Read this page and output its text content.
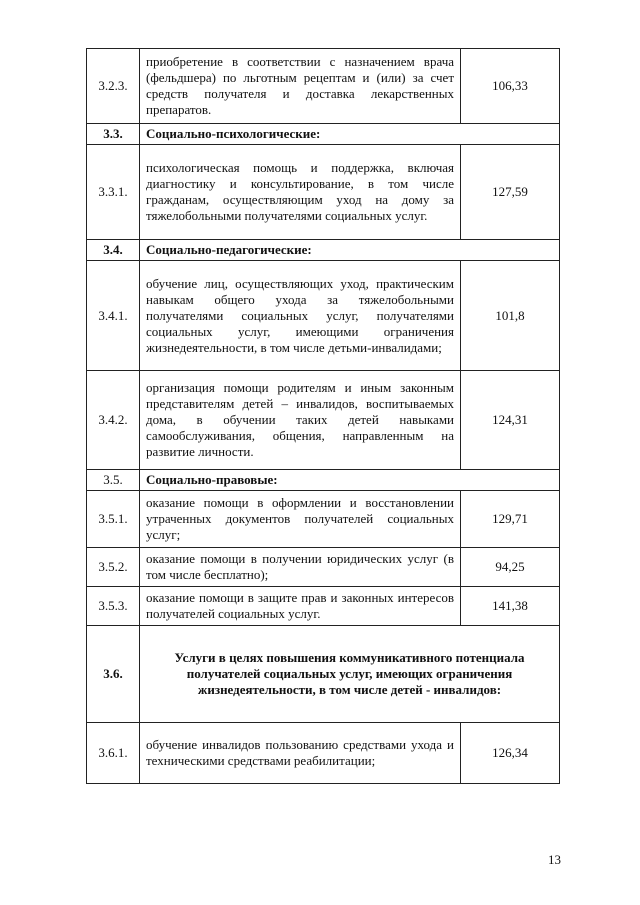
3.2.3.	приобретение в соответствии с назначением врача (фельдшера) по льготным рецептам и (или) за счет средств получателя и доставка лекарственных препаратов.	106,33
3.3.	Социально-психологические:	
3.3.1.	психологическая помощь и поддержка, включая диагностику и консультирование, в том числе гражданам, осуществляющим уход на дому за тяжелобольными получателями социальных услуг.	127,59
3.4.	Социально-педагогические:	
3.4.1.	обучение лиц, осуществляющих уход, практическим навыкам общего ухода за тяжелобольными получателями социальных услуг, получателями социальных услуг, имеющими ограничения жизнедеятельности, в том числе детьми-инвалидами;	101,8
3.4.2.	организация помощи родителям и иным законным представителям детей – инвалидов, воспитываемых дома, в обучении таких детей навыками самообслуживания, общения, направленным на развитие личности.	124,31
3.5.	Социально-правовые:	
3.5.1.	оказание помощи в оформлении и восстановлении утраченных документов получателей социальных услуг;	129,71
3.5.2.	оказание помощи в получении юридических услуг (в том числе бесплатно);	94,25
3.5.3.	оказание помощи в защите прав и законных интересов получателей социальных услуг.	141,38
3.6.	Услуги в целях повышения коммуникативного потенциала получателей социальных услуг, имеющих ограничения жизнедеятельности, в том числе детей - инвалидов:	
3.6.1.	обучение инвалидов пользованию средствами ухода и техническими средствами реабилитации;	126,34
13
